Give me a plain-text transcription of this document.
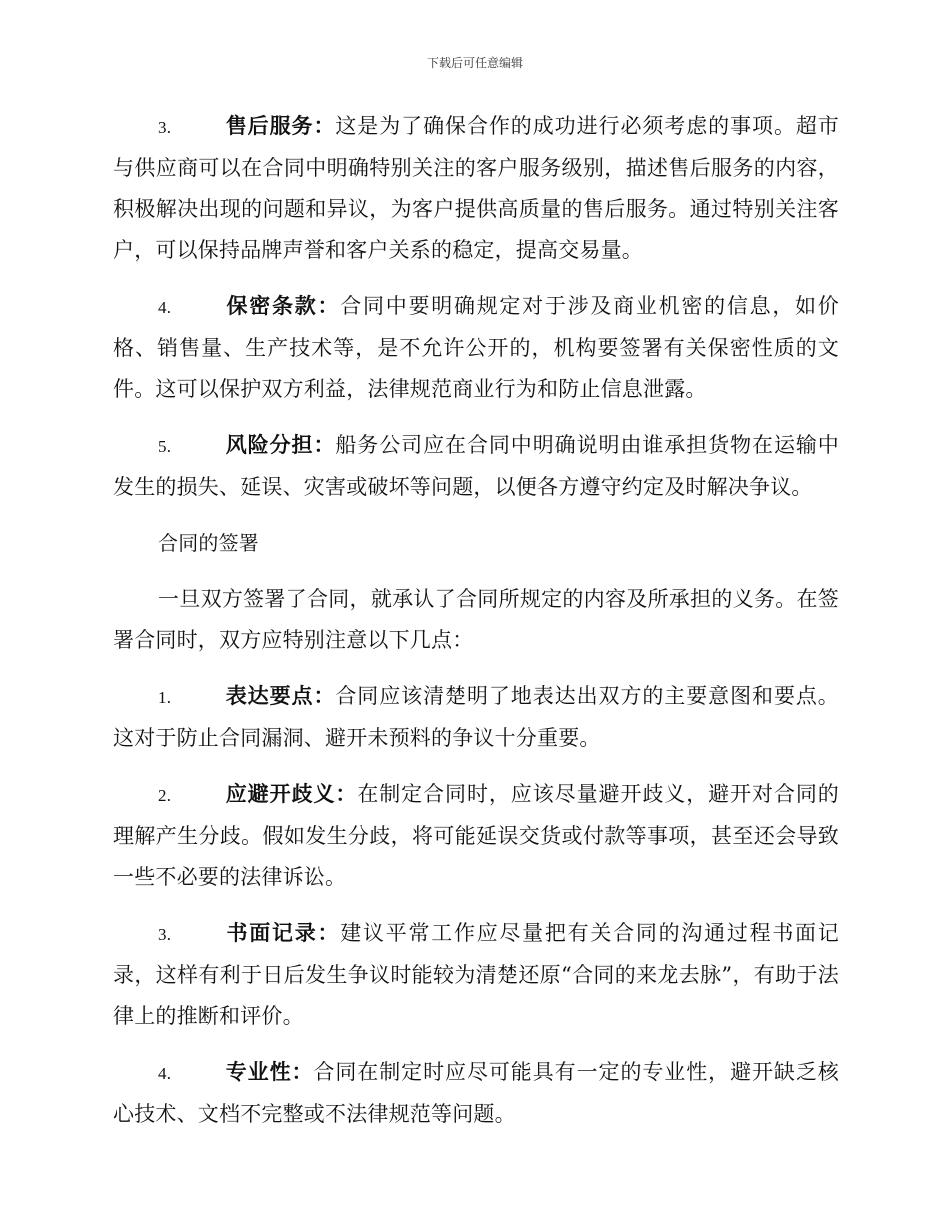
下载后可任意编辑

3.	售后服务：这是为了确保合作的成功进行必须考虑的事项。超市与供应商可以在合同中明确特别关注的客户服务级别，描述售后服务的内容，积极解决出现的问题和异议，为客户提供高质量的售后服务。通过特别关注客户，可以保持品牌声誉和客户关系的稳定，提高交易量。

4.	保密条款：合同中要明确规定对于涉及商业机密的信息，如价格、销售量、生产技术等，是不允许公开的，机构要签署有关保密性质的文件。这可以保护双方利益，法律规范商业行为和防止信息泄露。

5.	风险分担：船务公司应在合同中明确说明由谁承担货物在运输中发生的损失、延误、灾害或破坏等问题，以便各方遵守约定及时解决争议。

合同的签署

一旦双方签署了合同，就承认了合同所规定的内容及所承担的义务。在签署合同时，双方应特别注意以下几点：

1.	表达要点：合同应该清楚明了地表达出双方的主要意图和要点。这对于防止合同漏洞、避开未预料的争议十分重要。

2.	应避开歧义：在制定合同时，应该尽量避开歧义，避开对合同的理解产生分歧。假如发生分歧，将可能延误交货或付款等事项，甚至还会导致一些不必要的法律诉讼。

3.	书面记录：建议平常工作应尽量把有关合同的沟通过程书面记录，这样有利于日后发生争议时能较为清楚还原“合同的来龙去脉”，有助于法律上的推断和评价。

4.	专业性：合同在制定时应尽可能具有一定的专业性，避开缺乏核心技术、文档不完整或不法律规范等问题。
